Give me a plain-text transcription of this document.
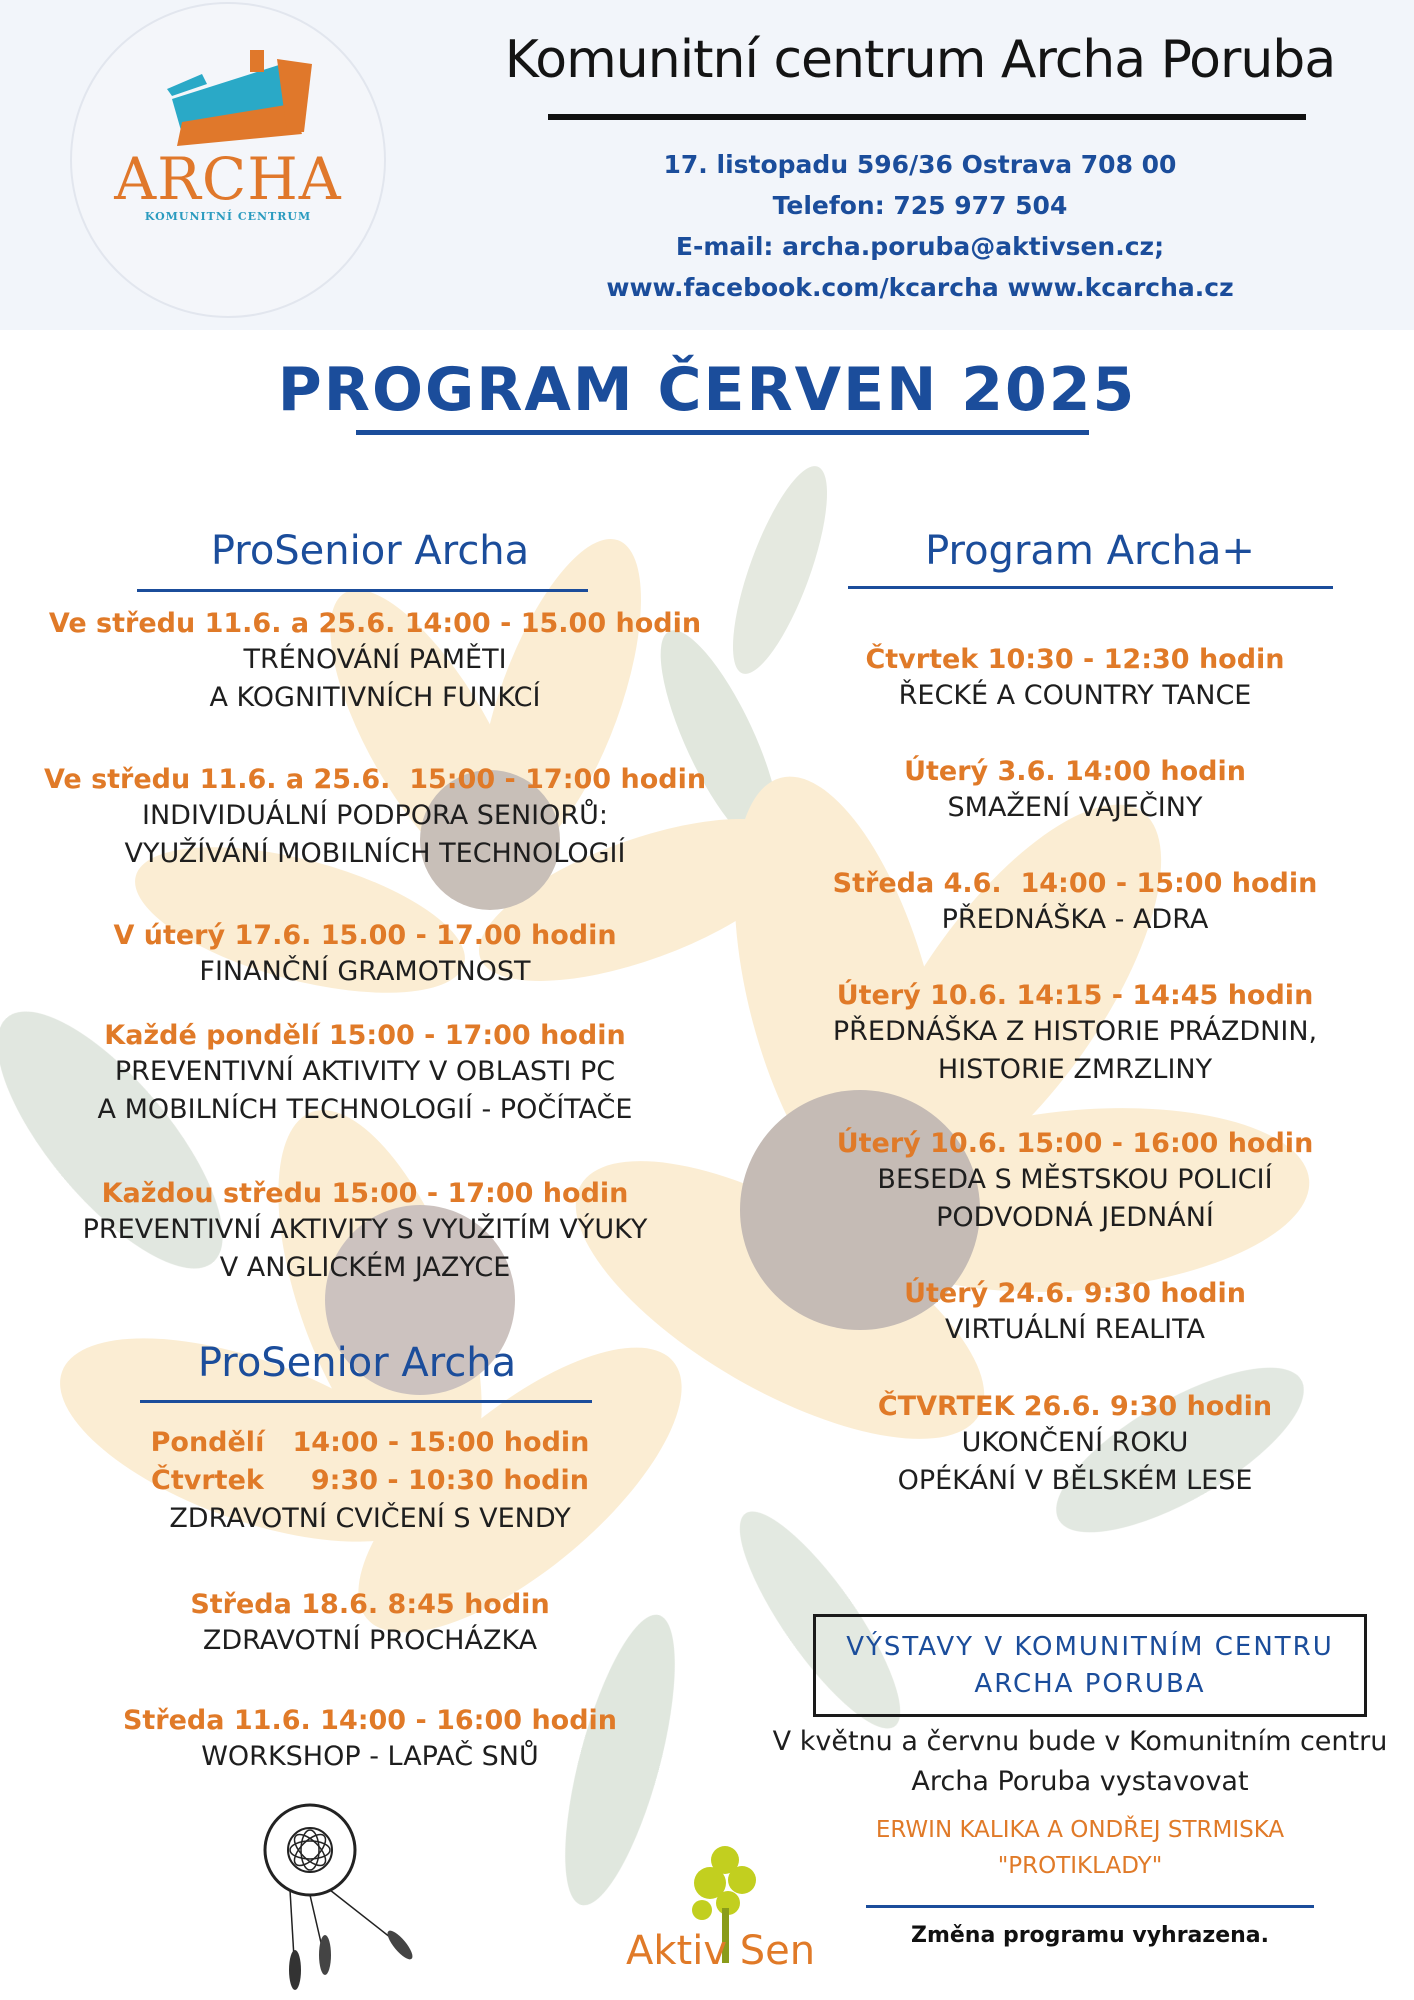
ARCHA
KOMUNITNÍ CENTRUM
Komunitní centrum Archa Poruba
17. listopadu 596/36 Ostrava 708 00
Telefon: 725 977 504
E-mail: archa.poruba@aktivsen.cz;
www.facebook.com/kcarcha www.kcarcha.cz
PROGRAM ČERVEN 2025
ProSenior Archa
Ve středu 11.6. a 25.6. 14:00 - 15.00 hodin
TRÉNOVÁNÍ PAMĚTI
A KOGNITIVNÍCH FUNKCÍ
Ve středu 11.6. a 25.6.  15:00 - 17:00 hodin
INDIVIDUÁLNÍ PODPORA SENIORŮ:
VYUŽÍVÁNÍ MOBILNÍCH TECHNOLOGIÍ
V úterý 17.6. 15.00 - 17.00 hodin
FINANČNÍ GRAMOTNOST
Každé pondělí 15:00 - 17:00 hodin
PREVENTIVNÍ AKTIVITY V OBLASTI PC
A MOBILNÍCH TECHNOLOGIÍ - POČÍTAČE
Každou středu 15:00 - 17:00 hodin
PREVENTIVNÍ AKTIVITY S VYUŽITÍM VÝUKY
V ANGLICKÉM JAZYCE
ProSenior Archa
Pondělí   14:00 - 15:00 hodin
Čtvrtek     9:30 - 10:30 hodin
ZDRAVOTNÍ CVIČENÍ S VENDY
Středa 18.6. 8:45 hodin
ZDRAVOTNÍ PROCHÁZKA
Středa 11.6. 14:00 - 16:00 hodin
WORKSHOP - LAPAČ SNŮ
Program Archa+
Čtvrtek 10:30 - 12:30 hodin
ŘECKÉ A COUNTRY TANCE
Úterý 3.6. 14:00 hodin
SMAŽENÍ VAJEČINY
Středa 4.6.  14:00 - 15:00 hodin
PŘEDNÁŠKA - ADRA
Úterý 10.6. 14:15 - 14:45 hodin
PŘEDNÁŠKA Z HISTORIE PRÁZDNIN,
HISTORIE ZMRZLINY
Úterý 10.6. 15:00 - 16:00 hodin
BESEDA S MĚSTSKOU POLICIÍ
PODVODNÁ JEDNÁNÍ
Úterý 24.6. 9:30 hodin
VIRTUÁLNÍ REALITA
ČTVRTEK 26.6. 9:30 hodin
UKONČENÍ ROKU
OPÉKÁNÍ V BĚLSKÉM LESE
VÝSTAVY V KOMUNITNÍM CENTRU
ARCHA PORUBA
V květnu a červnu bude v Komunitním centru
Archa Poruba vystavovat
ERWIN KALIKA A ONDŘEJ STRMISKA
"PROTIKLADY"
Změna programu vyhrazena.
Aktiv Sen
